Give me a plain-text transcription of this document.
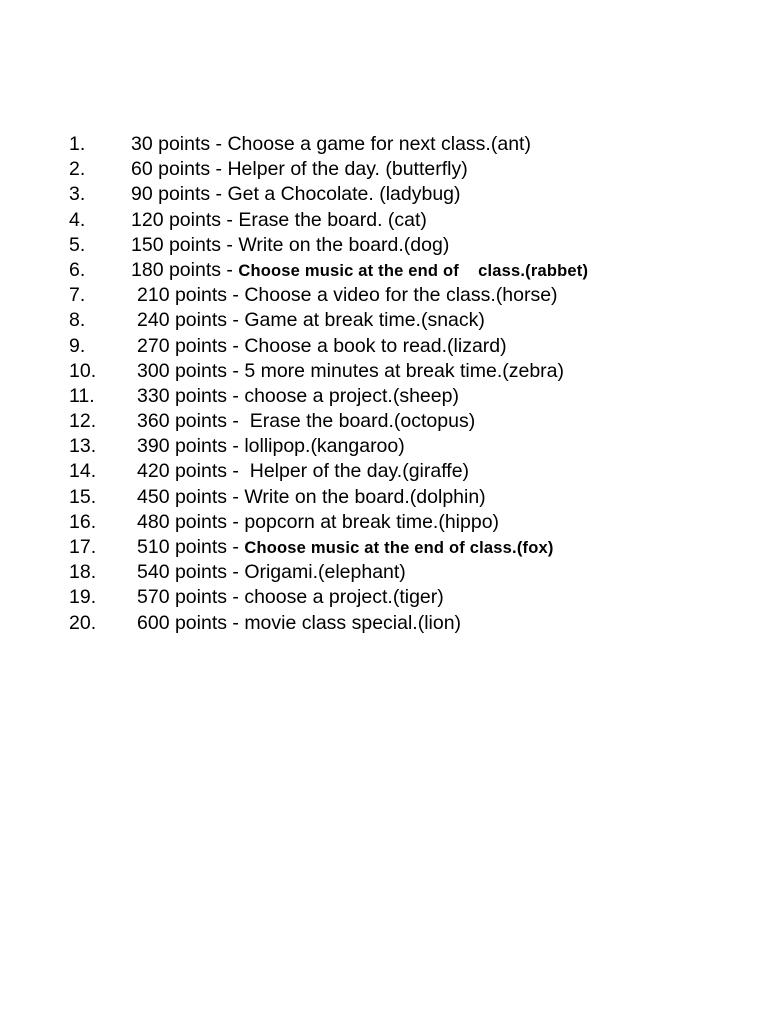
1. 30 points - Choose a game for next class.(ant)
2. 60 points - Helper of the day. (butterfly)
3. 90 points - Get a Chocolate. (ladybug)
4. 120 points - Erase the board. (cat)
5. 150 points - Write on the board.(dog)
6. 180 points - Choose music at the end of    class.(rabbet)
7.	210 points - Choose a video for the class.(horse)
8.	240 points - Game at break time.(snack)
9.	270 points - Choose a book to read.(lizard)
10. 300 points - 5 more minutes at break time.(zebra)
11. 330 points - choose a project.(sheep)
12. 360 points -  Erase the board.(octopus)
13. 390 points - lollipop.(kangaroo)
14. 420 points -  Helper of the day.(giraffe)
15. 450 points - Write on the board.(dolphin)
16. 480 points - popcorn at break time.(hippo)
17. 510 points - Choose music at the end of class.(fox)
18. 540 points - Origami.(elephant)
19. 570 points - choose a project.(tiger)
20. 600 points - movie class special.(lion)
